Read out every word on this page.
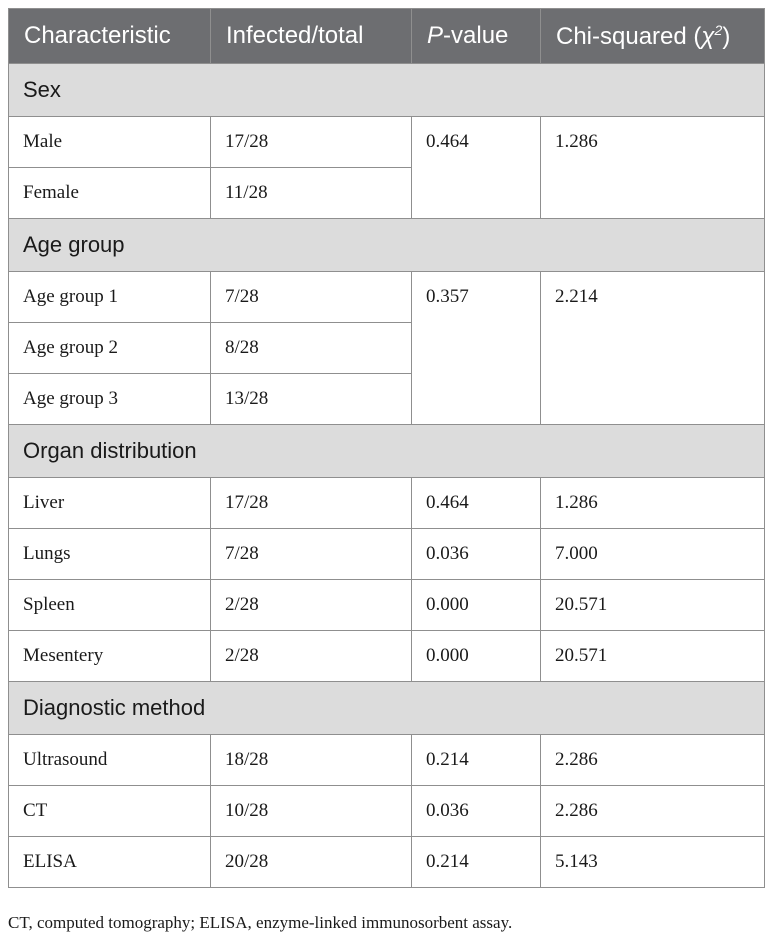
Characteristic	Infected/total	P-value	Chi-squared $(\chi^2)$
Sex			
Male	17/28	0.464	1.286
Female	11/28		
Age group			
Age group 1	7/28	0.357	2.214
Age group 2	8/28		
Age group 3	13/28		
Organ distribution			
Liver	17/28	0.464	1.286
Lungs	7/28	0.036	7.000
Spleen	2/28	0.000	20.571
Mesentery	2/28	0.000	20.571
Diagnostic method			
Ultrasound	18/28	0.214	2.286
CT	10/28	0.036	2.286
ELISA	20/28	0.214	5.143
CT, computed tomography; ELISA, enzyme-linked immunosorbent assay.
